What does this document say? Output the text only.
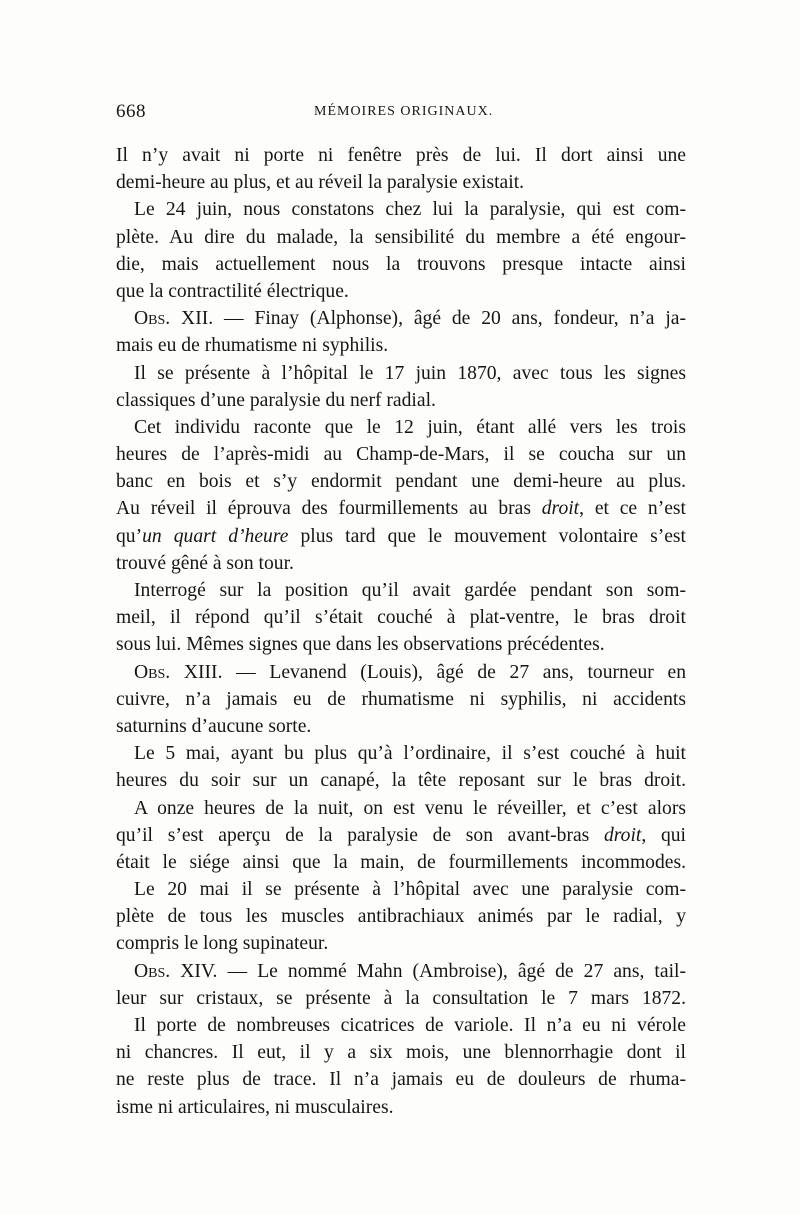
668	MÉMOIRES ORIGINAUX.
Il n’y avait ni porte ni fenêtre près de lui. Il dort ainsi une
demi-heure au plus, et au réveil la paralysie existait.
Le 24 juin, nous constatons chez lui la paralysie, qui est com-
plète. Au dire du malade, la sensibilité du membre a été engour-
die, mais actuellement nous la trouvons presque intacte ainsi
que la contractilité électrique.
Obs. XII. — Finay (Alphonse), âgé de 20 ans, fondeur, n’a ja-
mais eu de rhumatisme ni syphilis.
Il se présente à l’hôpital le 17 juin 1870, avec tous les signes
classiques d’une paralysie du nerf radial.
Cet individu raconte que le 12 juin, étant allé vers les trois
heures de l’après-midi au Champ-de-Mars, il se coucha sur un
banc en bois et s’y endormit pendant une demi-heure au plus.
Au réveil il éprouva des fourmillements au bras droit, et ce n’est
qu’un quart d’heure plus tard que le mouvement volontaire s’est
trouvé gêné à son tour.
Interrogé sur la position qu’il avait gardée pendant son som-
meil, il répond qu’il s’était couché à plat-ventre, le bras droit
sous lui. Mêmes signes que dans les observations précédentes.
Obs. XIII. — Levanend (Louis), âgé de 27 ans, tourneur en
cuivre, n’a jamais eu de rhumatisme ni syphilis, ni accidents
saturnins d’aucune sorte.
Le 5 mai, ayant bu plus qu’à l’ordinaire, il s’est couché à huit
heures du soir sur un canapé, la tête reposant sur le bras droit.
A onze heures de la nuit, on est venu le réveiller, et c’est alors
qu’il s’est aperçu de la paralysie de son avant-bras droit, qui
était le siége ainsi que la main, de fourmillements incommodes.
Le 20 mai il se présente à l’hôpital avec une paralysie com-
plète de tous les muscles antibrachiaux animés par le radial, y
compris le long supinateur.
Obs. XIV. — Le nommé Mahn (Ambroise), âgé de 27 ans, tail-
leur sur cristaux, se présente à la consultation le 7 mars 1872.
Il porte de nombreuses cicatrices de variole. Il n’a eu ni vérole
ni chancres. Il eut, il y a six mois, une blennorrhagie dont il
ne reste plus de trace. Il n’a jamais eu de douleurs de rhuma-
isme ni articulaires, ni musculaires.
